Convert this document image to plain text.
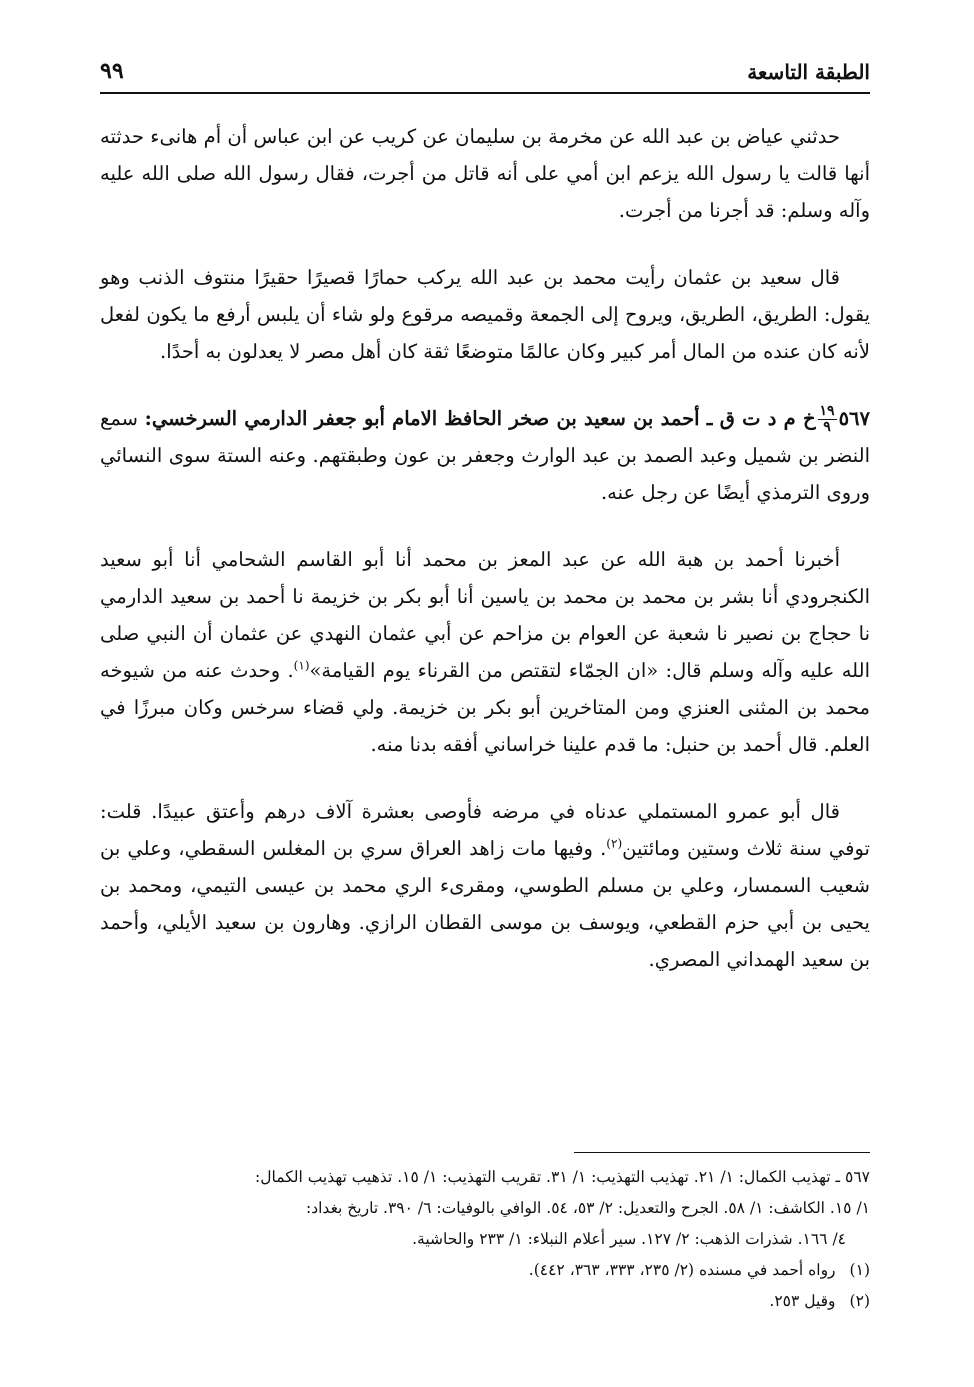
الطبقة التاسعة
٩٩

حدثني عياض بن عبد الله عن مخرمة بن سليمان عن كريب عن ابن عباس أن أم هانىء حدثته أنها قالت يا رسول الله يزعم ابن أمي على أنه قاتل من أجرت، فقال رسول الله صلى الله عليه وآله وسلم: قد أجرنا من أجرت.

قال سعيد بن عثمان رأيت محمد بن عبد الله يركب حمارًا قصيرًا حقيرًا منتوف الذنب وهو يقول: الطريق، الطريق، ويروح إلى الجمعة وقميصه مرقوع ولو شاء أن يلبس أرفع ما يكون لفعل لأنه كان عنده من المال أمر كبير وكان عالمًا متوضعًا ثقة كان أهل مصر لا يعدلون به أحدًا.

٥٦٧
$\frac{١٩}{٩}$
خ م د ت ق ـ أحمد بن سعيد بن صخر الحافظ الامام أبو جعفر الدارمي السرخسي: سمع النضر بن شميل وعبد الصمد بن عبد الوارث وجعفر بن عون وطبقتهم. وعنه الستة سوى النسائي وروى الترمذي أيضًا عن رجل عنه.

أخبرنا أحمد بن هبة الله عن عبد المعز بن محمد أنا أبو القاسم الشحامي أنا أبو سعيد الكنجرودي أنا بشر بن محمد بن محمد بن ياسين أنا أبو بكر بن خزيمة نا أحمد بن سعيد الدارمي نا حجاج بن نصير نا شعبة عن العوام بن مزاحم عن أبي عثمان النهدي عن عثمان أن النبي صلى الله عليه وآله وسلم قال: «ان الجمّاء لتقتص من القرناء يوم القيامة»$^{(١)}$. وحدث عنه من شيوخه محمد بن المثنى العنزي ومن المتاخرين أبو بكر بن خزيمة. ولي قضاء سرخس وكان مبرزًا في العلم. قال أحمد بن حنبل: ما قدم علينا خراساني أفقه بدنا منه.

قال أبو عمرو المستملي عدناه في مرضه فأوصى بعشرة آلاف درهم وأعتق عبيدًا. قلت: توفي سنة ثلاث وستين ومائتين$^{(٢)}$. وفيها مات زاهد العراق سري بن المغلس السقطي، وعلي بن شعيب السمسار، وعلي بن مسلم الطوسي، ومقرىء الري محمد بن عيسى التيمي، ومحمد بن يحيى بن أبي حزم القطعي، ويوسف بن موسى القطان الرازي. وهارون بن سعيد الأيلي، وأحمد بن سعيد الهمداني المصري.

٥٦٧ ـ تهذيب الكمال: ١/ ٢١. تهذيب التهذيب: ١/ ٣١. تقريب التهذيب: ١/ ١٥. تذهيب تهذيب الكمال:

١/ ١٥. الكاشف: ١/ ٥٨. الجرح والتعديل: ٢/ ٥٣، ٥٤. الوافي بالوفيات: ٦/ ٣٩٠. تاريخ بغداد:

٤/ ١٦٦. شذرات الذهب: ٢/ ١٢٧. سير أعلام النبلاء: ١/ ٢٣٣ والحاشية.

(١)رواه أحمد في مسنده (٢/ ٢٣٥، ٣٣٣، ٣٦٣، ٤٤٢).

(٢)وقيل ٢٥٣.
